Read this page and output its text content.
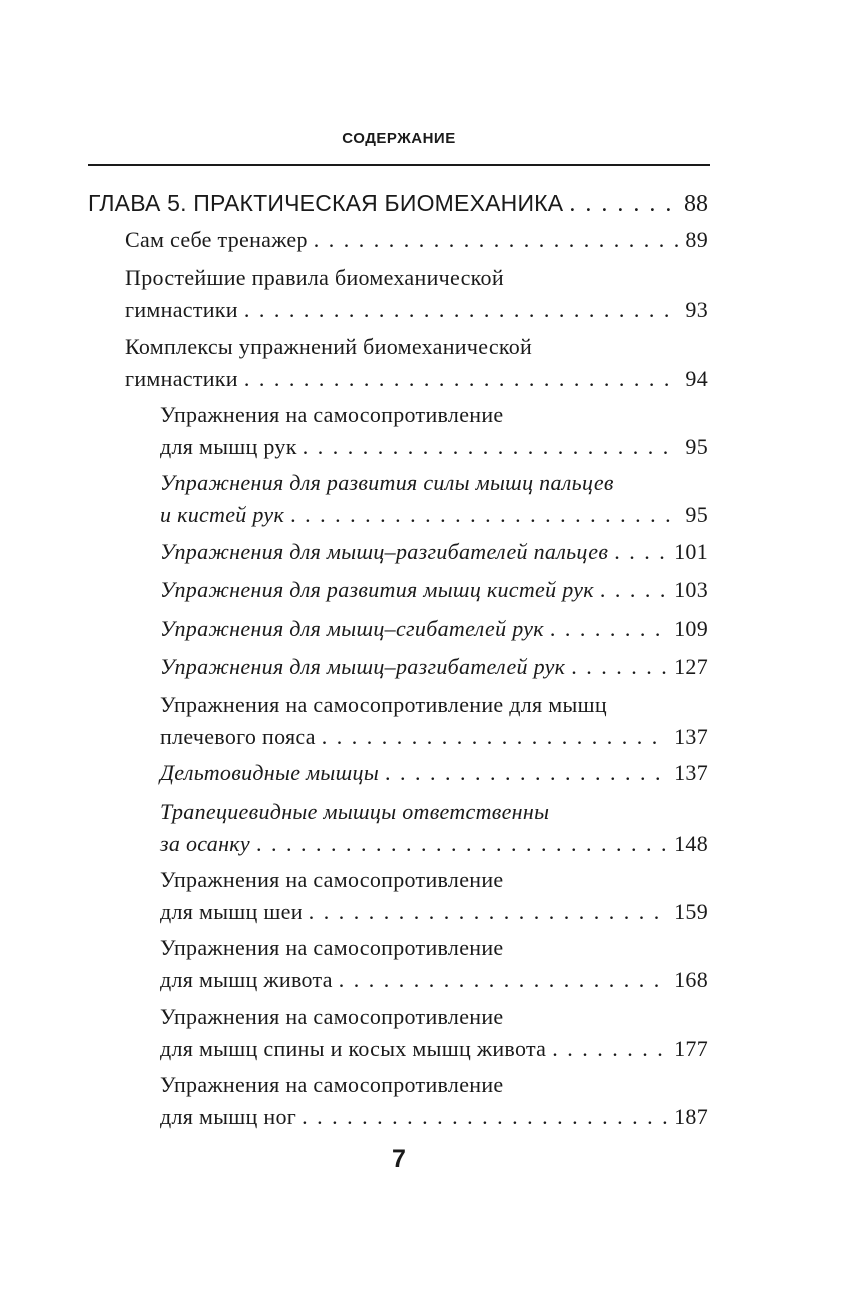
СОДЕРЖАНИЕ
ГЛАВА 5. ПРАКТИЧЕСКАЯ БИОМЕХАНИКА . . .	88
Сам себе тренажер . . .	89
Простейшие правила биомеханической
гимнастики . . .	93
Комплексы упражнений биомеханической
гимнастики . . .	94
Упражнения на самосопротивление
для мышц рук . . .	95
Упражнения для развития силы мышц пальцев
и кистей рук . . .	95
Упражнения для мышц–разгибателей пальцев . . .	101
Упражнения для развития мышц кистей рук . . .	103
Упражнения для мышц–сгибателей рук . . .	109
Упражнения для мышц–разгибателей рук . . .	127
Упражнения на самосопротивление для мышц
плечевого пояса . . .	137
Дельтовидные мышцы . . .	137
Трапециевидные мышцы ответственны
за осанку . . .	148
Упражнения на самосопротивление
для мышц шеи . . .	159
Упражнения на самосопротивление
для мышц живота . . .	168
Упражнения на самосопротивление
для мышц спины и косых мышц живота . . .	177
Упражнения на самосопротивление
для мышц ног . . .	187
7
